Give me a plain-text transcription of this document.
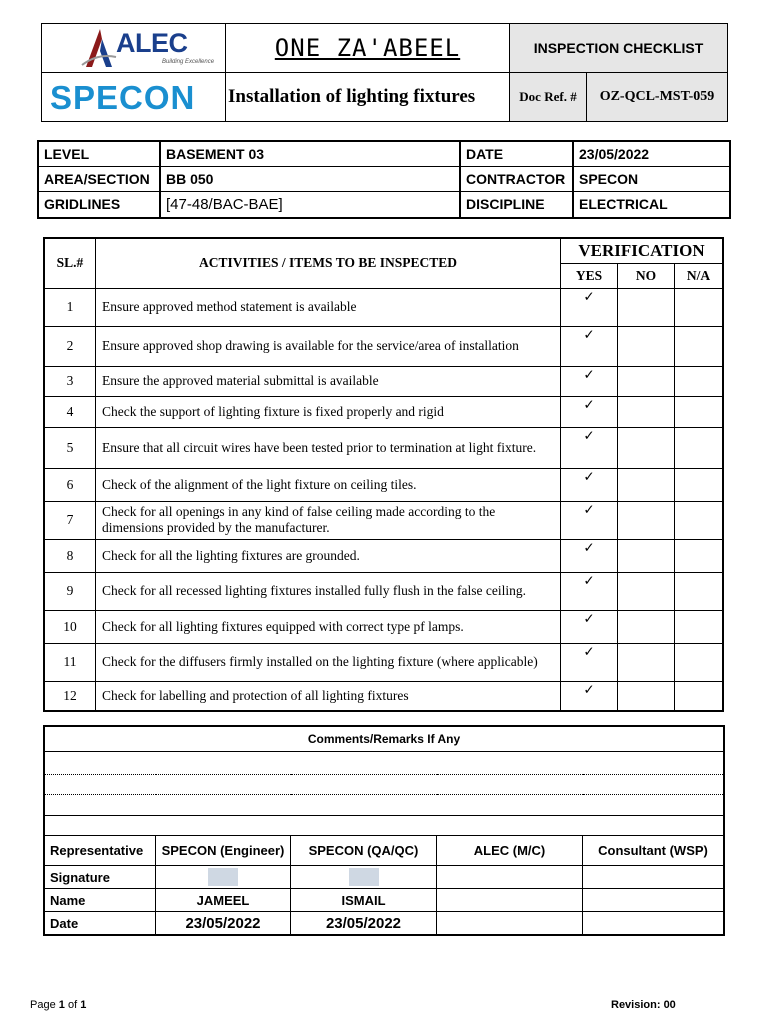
ALEC
Building Excellence	ONE ZA'ABEEL	INSPECTION CHECKLIST	

SPECON	Installation of lighting fixtures	Doc Ref. #	OZ-QCL-MST-059
LEVEL	BASEMENT 03	DATE	23/05/2022
AREA/SECTION	BB 050	CONTRACTOR	SPECON
GRIDLINES	[47-48/BAC-BAE]	DISCIPLINE	ELECTRICAL
SL.#	ACTIVITIES / ITEMS TO BE INSPECTED	VERIFICATION		
		YES	NO	N/A
1	Ensure approved method statement is available	✓		
2	Ensure approved shop drawing is available for the service/area of installation	✓		
3	Ensure the approved material submittal is available	✓		
4	Check the support of lighting fixture is fixed properly and rigid	✓		
5	Ensure that all circuit wires have been tested prior to termination at light fixture.	✓		
6	Check of the alignment of the light fixture on ceiling tiles.	✓		
7	Check for all openings in any kind of false ceiling made according to the dimensions provided by the manufacturer.	✓		
8	Check for all the lighting fixtures are grounded.	✓		
9	Check for all recessed lighting fixtures installed fully flush in the false ceiling.	✓		
10	Check for all lighting fixtures equipped with correct type pf lamps.	✓		
11	Check for the diffusers firmly installed on the lighting fixture (where applicable)	✓		
12	Check for labelling and protection of all lighting fixtures	✓		
Comments/Remarks If Any				

Representative	SPECON (Engineer)	SPECON (QA/QC)	ALEC (M/C)	Consultant (WSP)
Signature				
Name	JAMEEL	ISMAIL		
Date	23/05/2022	23/05/2022		
Page 1 of 1	Revision: 00
